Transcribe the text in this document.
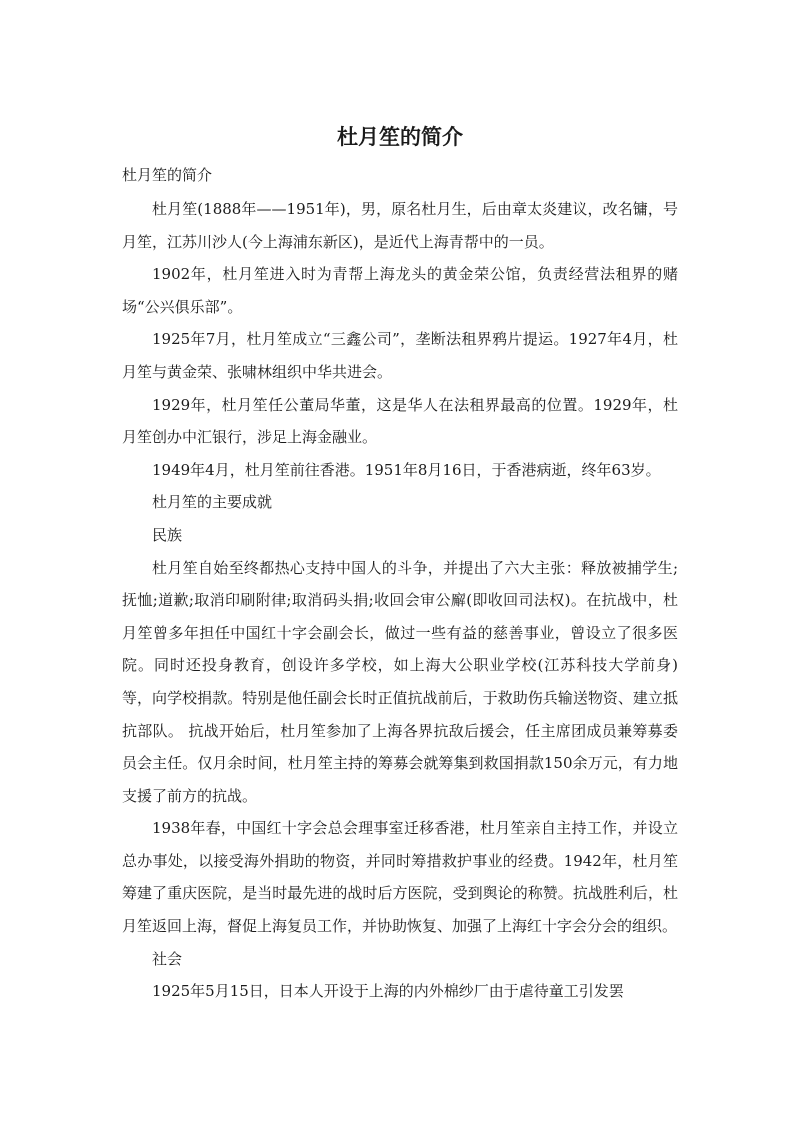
杜月笙的简介
杜月笙的简介

杜月笙(1888年——1951年)，男，原名杜月生，后由章太炎建议，改名镛，号月笙，江苏川沙人(今上海浦东新区)，是近代上海青帮中的一员。

1902年，杜月笙进入时为青帮上海龙头的黄金荣公馆，负责经营法租界的赌场“公兴俱乐部”。

1925年7月，杜月笙成立“三鑫公司”，垄断法租界鸦片提运。1927年4月，杜月笙与黄金荣、张啸林组织中华共进会。

1929年，杜月笙任公董局华董，这是华人在法租界最高的位置。1929年，杜月笙创办中汇银行，涉足上海金融业。

1949年4月，杜月笙前往香港。1951年8月16日，于香港病逝，终年63岁。

杜月笙的主要成就

民族

杜月笙自始至终都热心支持中国人的斗争，并提出了六大主张：释放被捕学生;抚恤;道歉;取消印刷附律;取消码头捐;收回会审公廨(即收回司法权)。在抗战中，杜月笙曾多年担任中国红十字会副会长，做过一些有益的慈善事业，曾设立了很多医院。同时还投身教育，创设许多学校，如上海大公职业学校(江苏科技大学前身) 等，向学校捐款。特别是他任副会长时正值抗战前后，于救助伤兵输送物资、建立抵抗部队。 抗战开始后，杜月笙参加了上海各界抗敌后援会，任主席团成员兼筹募委员会主任。仅月余时间，杜月笙主持的筹募会就筹集到救国捐款150余万元，有力地支援了前方的抗战。

1938年春，中国红十字会总会理事室迁移香港，杜月笙亲自主持工作，并设立总办事处，以接受海外捐助的物资，并同时筹措救护事业的经费。1942年，杜月笙筹建了重庆医院，是当时最先进的战时后方医院，受到舆论的称赞。抗战胜利后，杜月笙返回上海，督促上海复员工作，并协助恢复、加强了上海红十字会分会的组织。

社会

1925年5月15日，日本人开设于上海的内外棉纱厂由于虐待童工引发罢
